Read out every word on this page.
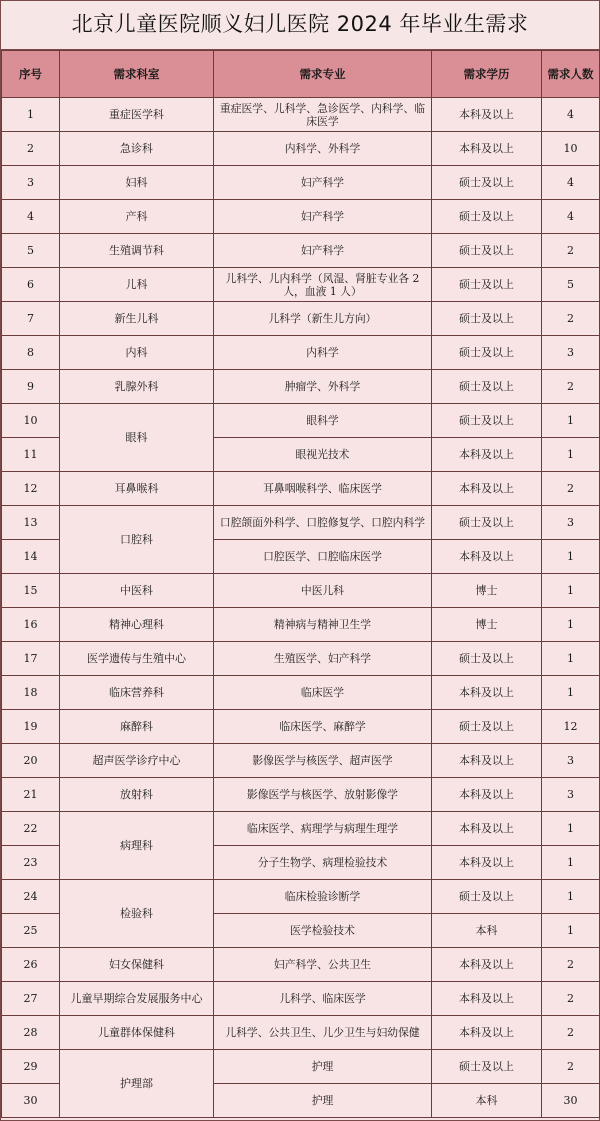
北京儿童医院顺义妇儿医院 2024 年毕业生需求
序号	需求科室	需求专业	需求学历	需求人数
1	重症医学科	重症医学、儿科学、急诊医学、内科学、临床医学	本科及以上	4
2	急诊科	内科学、外科学	本科及以上	10
3	妇科	妇产科学	硕士及以上	4
4	产科	妇产科学	硕士及以上	4
5	生殖调节科	妇产科学	硕士及以上	2
6	儿科	儿科学、儿内科学（风湿、肾脏专业各 2 人，血液 1 人）	硕士及以上	5
7	新生儿科	儿科学（新生儿方向）	硕士及以上	2
8	内科	内科学	硕士及以上	3
9	乳腺外科	肿瘤学、外科学	硕士及以上	2
10	眼科	眼科学	硕士及以上	1
11		眼视光技术	本科及以上	1
12	耳鼻喉科	耳鼻咽喉科学、临床医学	本科及以上	2
13	口腔科	口腔颌面外科学、口腔修复学、口腔内科学	硕士及以上	3
14		口腔医学、口腔临床医学	本科及以上	1
15	中医科	中医儿科	博士	1
16	精神心理科	精神病与精神卫生学	博士	1
17	医学遗传与生殖中心	生殖医学、妇产科学	硕士及以上	1
18	临床营养科	临床医学	本科及以上	1
19	麻醉科	临床医学、麻醉学	硕士及以上	12
20	超声医学诊疗中心	影像医学与核医学、超声医学	本科及以上	3
21	放射科	影像医学与核医学、放射影像学	本科及以上	3
22	病理科	临床医学、病理学与病理生理学	本科及以上	1
23		分子生物学、病理检验技术	本科及以上	1
24	检验科	临床检验诊断学	硕士及以上	1
25		医学检验技术	本科	1
26	妇女保健科	妇产科学、公共卫生	本科及以上	2
27	儿童早期综合发展服务中心	儿科学、临床医学	本科及以上	2
28	儿童群体保健科	儿科学、公共卫生、儿少卫生与妇幼保健	本科及以上	2
29	护理部	护理	硕士及以上	2
30		护理	本科	30
